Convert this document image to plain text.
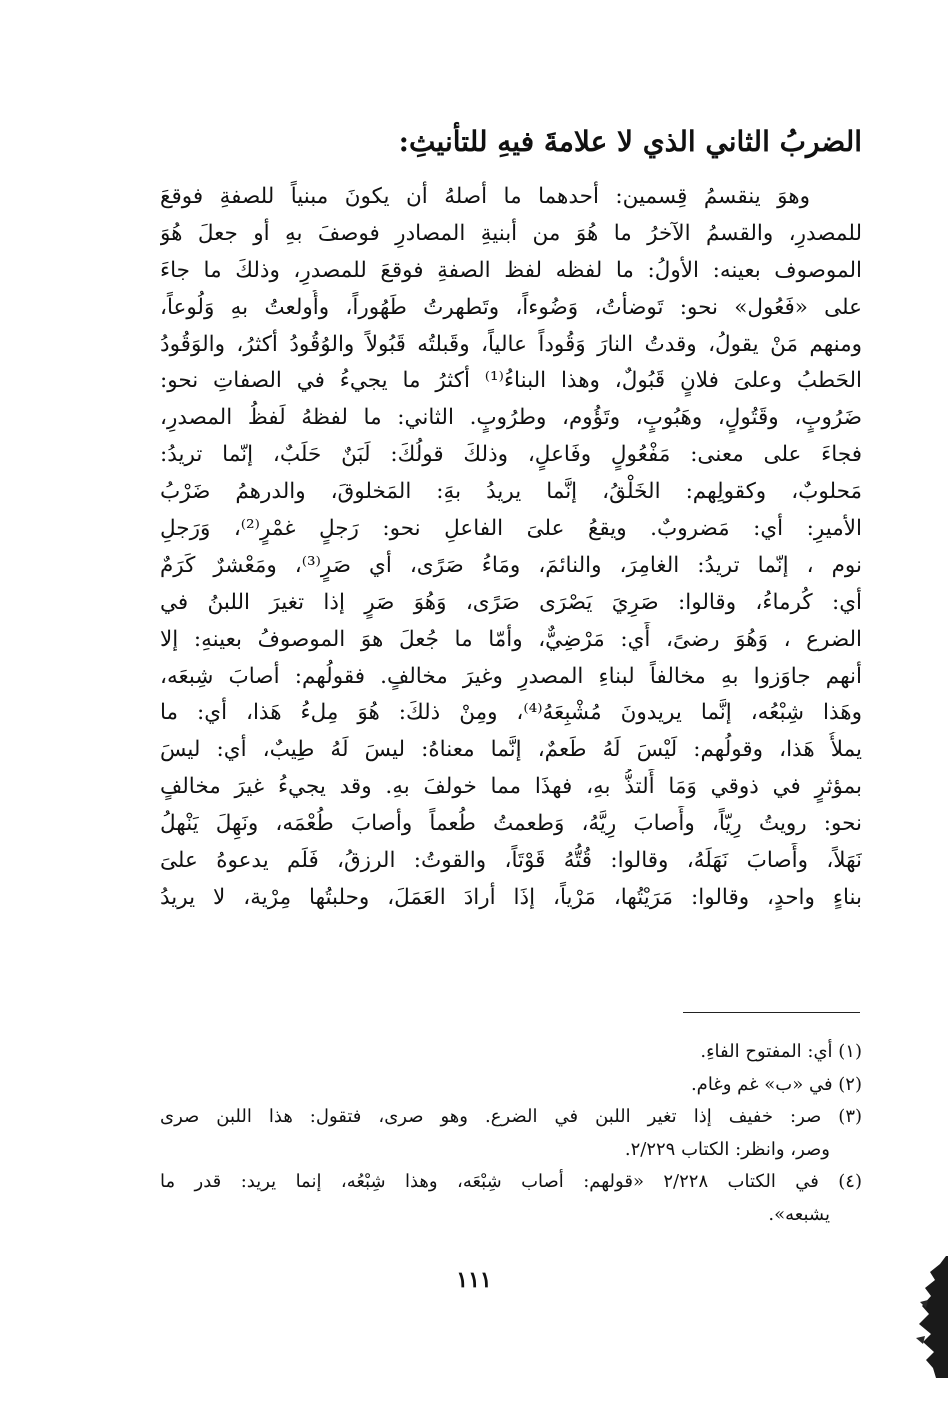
الضربُ الثاني الذي لا علامةَ فيهِ للتأنيثِ:
وهوَ ينقسمُ قِسمين: أحدهما ما أصلهُ أن يكونَ مبنياً للصفةِ فوقعَ
للمصدرِ، والقسمُ الآخرُ ما هُوَ من أبنيةِ المصادرِ فوصفَ بهِ أو جعلَ هُوَ
الموصوف بعينه: الأولُ: ما لفظه لفظ الصفةِ فوقعَ للمصدرِ، وذلكَ ما جاءَ
على «فَعُول» نحو: تَوضأتُ، وَضُوءاً، وتَطهرتُ طَهُوراً، وأُولعتُ بهِ وَلُوعاً،
ومنهم مَنْ يقولُ، وقدتُ النارَ وَقُوداً عالياً، وقَبلتُه قَبُولاً والوُقُودُ أكثرُ، والوَقُودُ
الحَطبُ وعلىَ فلانٍ قَبُولٌ، وهذا البناءُ⁽¹⁾ أكثرُ ما يجيءُ في الصفاتِ نحو:
ضَرُوبٍ، وقَتُولٍ، وهَبُوبٍ، وتَؤُوم، وطرُوبٍ. الثاني: ما لفظهُ لَفظُ المصدرِ،
فجاءَ على معنى: مَفْعُولٍ وفَاعلٍ، وذلكَ قولُكَ: لَبَنٌ حَلَبٌ، إنّما تريدُ:
مَحلوبٌ، وكقولِهم: الخَلْقُ، إنَّما يريدُ بهَِ: المَخلوقَ، والدرهمُ ضَرْبُ
الأميرِ: أي: مَضروبٌ. ويقعُ علىَ الفاعلِ نحو: رَجلٍ غمْرٍ⁽²⁾، وَرَجلِ
نوم ، إنّما تريدُ: الغامِرَ، والنائمَ، ومَاءُ صَرًى، أي صَرٍ⁽³⁾، ومَعْشرٌ كَرَمٌ
أي: كُرماءُ، وقالوا: صَرِيَ يَصْرَى صَرًى، وَهُوَ صَرٍ إذا تغيرَ اللبنُ في
الضرع ، وَهُوَ رضىً، أَي: مَرْضِيٌّ، وأمّا ما جُعلَ هوَ الموصوفُ بعينهِ: إلا
أنهم جاوَزوا بهِ مخالفاً لبناءِ المصدرِ وغيرَ مخالفٍ. فقولُهم: أصابَ شِبعَه،
وهَذا شِبْعُه، إنَّما يريدونَ مُشْبِعَهُ⁽⁴⁾، ومِنْ ذلكَ: هُوَ مِلءُ هَذا، أي: ما
يملأُ هَذا، وقولُهم: لَيْسَ لَهُ طَعمٌ، إنَّما معناهُ: ليسَ لَهُ طِيبٌ، أي: ليسَ
بمؤثرٍ في ذوقي وَمَا أَلتذُّ بهِ، فهذَا مما خولفَ بهِ. وقد يجيءُ غيرَ مخالفٍ
نحو: رويتُ رِيّاً، وأَصابَ رِيَّهُ، وَطعمتُ طُعماً وأصابَ طُعْمَه، ونَهِلَ يَنْهلُ
نَهَلاً، وأَصابَ نَهَلَهُ، وقالوا: قُتُّهُ قَوْتَاً، والقوتُ: الرزقُ، فَلَم يدعوهُ علىَ
بناءٍ واحدٍ، وقالوا: مَرَيْتُها، مَرْياً، إذَا أرادَ العَمَلَ، وحلبتُها مِرْية، لا يريدُ
(١) أي: المفتوح الفاءِ.
(٢) في «ب» غم وغام.
(٣) صر: خفيف إذا تغير اللبن في الضرع. وهو صرى، فتقول: هذا اللبن صرى
وصر، وانظر: الكتاب ٢/٢٢٩.
(٤) في الكتاب ٢/٢٢٨ «قولهم: أصاب شِبْعَه، وهذا شِبْعُه، إنما يريد: قدر ما
يشبعه».
١١١
